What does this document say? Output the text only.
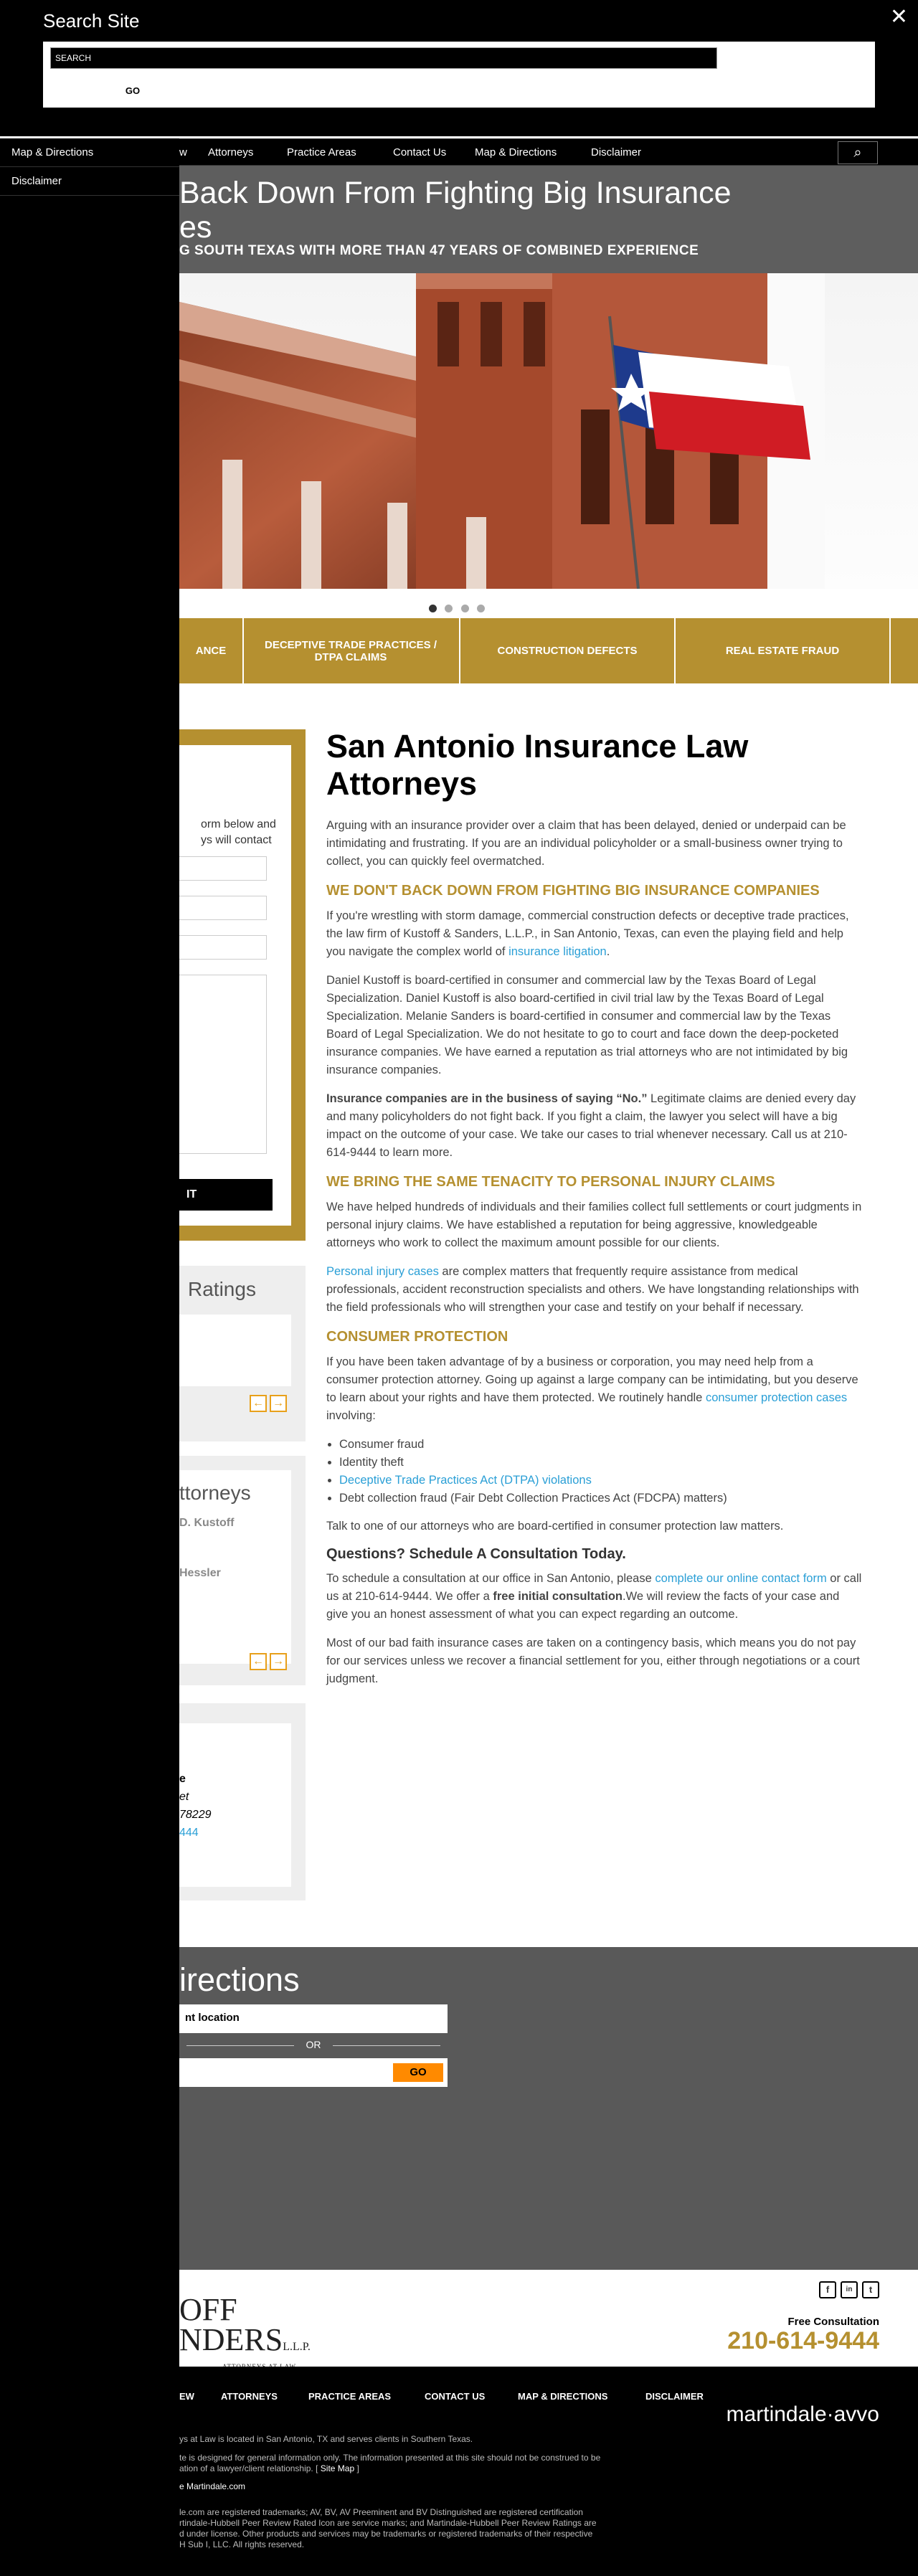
Search Site	✕
SEARCH
GO
Map & Directions
Disclaimer
w Attorneys	Practice Areas	Contact Us	Map & Directions	Disclaimer	⌕
Back Down From Fighting Big Insurance
es
G SOUTH TEXAS WITH MORE THAN 47 YEARS OF COMBINED EXPERIENCE

ANCE	DECEPTIVE TRADE PRACTICES / DTPA CLAIMS	CONSTRUCTION DEFECTS	REAL ESTATE FRAUD
orm below and
ys will contact
IT
Ratings
← →
ttorneys
D. Kustoff
Hessler
← →
e
et
78229
444
San Antonio Insurance Law Attorneys

Arguing with an insurance provider over a claim that has been delayed, denied or underpaid can be intimidating and frustrating. If you are an individual policyholder or a small-business owner trying to collect, you can quickly feel overmatched.

WE DON'T BACK DOWN FROM FIGHTING BIG INSURANCE COMPANIES

If you're wrestling with storm damage, commercial construction defects or deceptive trade practices, the law firm of Kustoff & Sanders, L.L.P., in San Antonio, Texas, can even the playing field and help you navigate the complex world of insurance litigation.

Daniel Kustoff is board-certified in consumer and commercial law by the Texas Board of Legal Specialization. Daniel Kustoff is also board-certified in civil trial law by the Texas Board of Legal Specialization. Melanie Sanders is board-certified in consumer and commercial law by the Texas Board of Legal Specialization. We do not hesitate to go to court and face down the deep-pocketed insurance companies. We have earned a reputation as trial attorneys who are not intimidated by big insurance companies.

Insurance companies are in the business of saying “No.” Legitimate claims are denied every day and many policyholders do not fight back. If you fight a claim, the lawyer you select will have a big impact on the outcome of your case. We take our cases to trial whenever necessary. Call us at 210-614-9444 to learn more.

WE BRING THE SAME TENACITY TO PERSONAL INJURY CLAIMS

We have helped hundreds of individuals and their families collect full settlements or court judgments in personal injury claims. We have established a reputation for being aggressive, knowledgeable attorneys who work to collect the maximum amount possible for our clients.

Personal injury cases are complex matters that frequently require assistance from medical professionals, accident reconstruction specialists and others. We have longstanding relationships with the field professionals who will strengthen your case and testify on your behalf if necessary.

CONSUMER PROTECTION

If you have been taken advantage of by a business or corporation, you may need help from a consumer protection attorney. Going up against a large company can be intimidating, but you deserve to learn about your rights and have them protected. We routinely handle consumer protection cases involving:

• Consumer fraud
• Identity theft
• Deceptive Trade Practices Act (DTPA) violations
• Debt collection fraud (Fair Debt Collection Practices Act (FDCPA) matters)

Talk to one of our attorneys who are board-certified in consumer protection law matters.

Questions? Schedule A Consultation Today.

To schedule a consultation at our office in San Antonio, please complete our online contact form or call us at 210-614-9444. We offer a free initial consultation.We will review the facts of your case and give you an honest assessment of what you can expect regarding an outcome.

Most of our bad faith insurance cases are taken on a contingency basis, which means you do not pay for our services unless we recover a financial settlement for you, either through negotiations or a court judgment.

irections
nt location
OR
GO
OFF
NDERSL.L.P.
f	in	t
Free Consultation
210-614-9444
EW	ATTORNEYS	PRACTICE AREAS	CONTACT US	MAP & DIRECTIONS	DISCLAIMER
ys at Law is located in San Antonio, TX and serves clients in Southern Texas.
te is designed for general information only. The information presented at this site should not be construed to be
ation of a lawyer/client relationship. [ Site Map ]
e Martindale.com
le.com are registered trademarks; AV, BV, AV Preeminent and BV Distinguished are registered certification
rtindale-Hubbell Peer Review Rated Icon are service marks; and Martindale-Hubbell Peer Review Ratings are
d under license. Other products and services may be trademarks or registered trademarks of their respective
H Sub I, LLC. All rights reserved.
martindale·avvo
